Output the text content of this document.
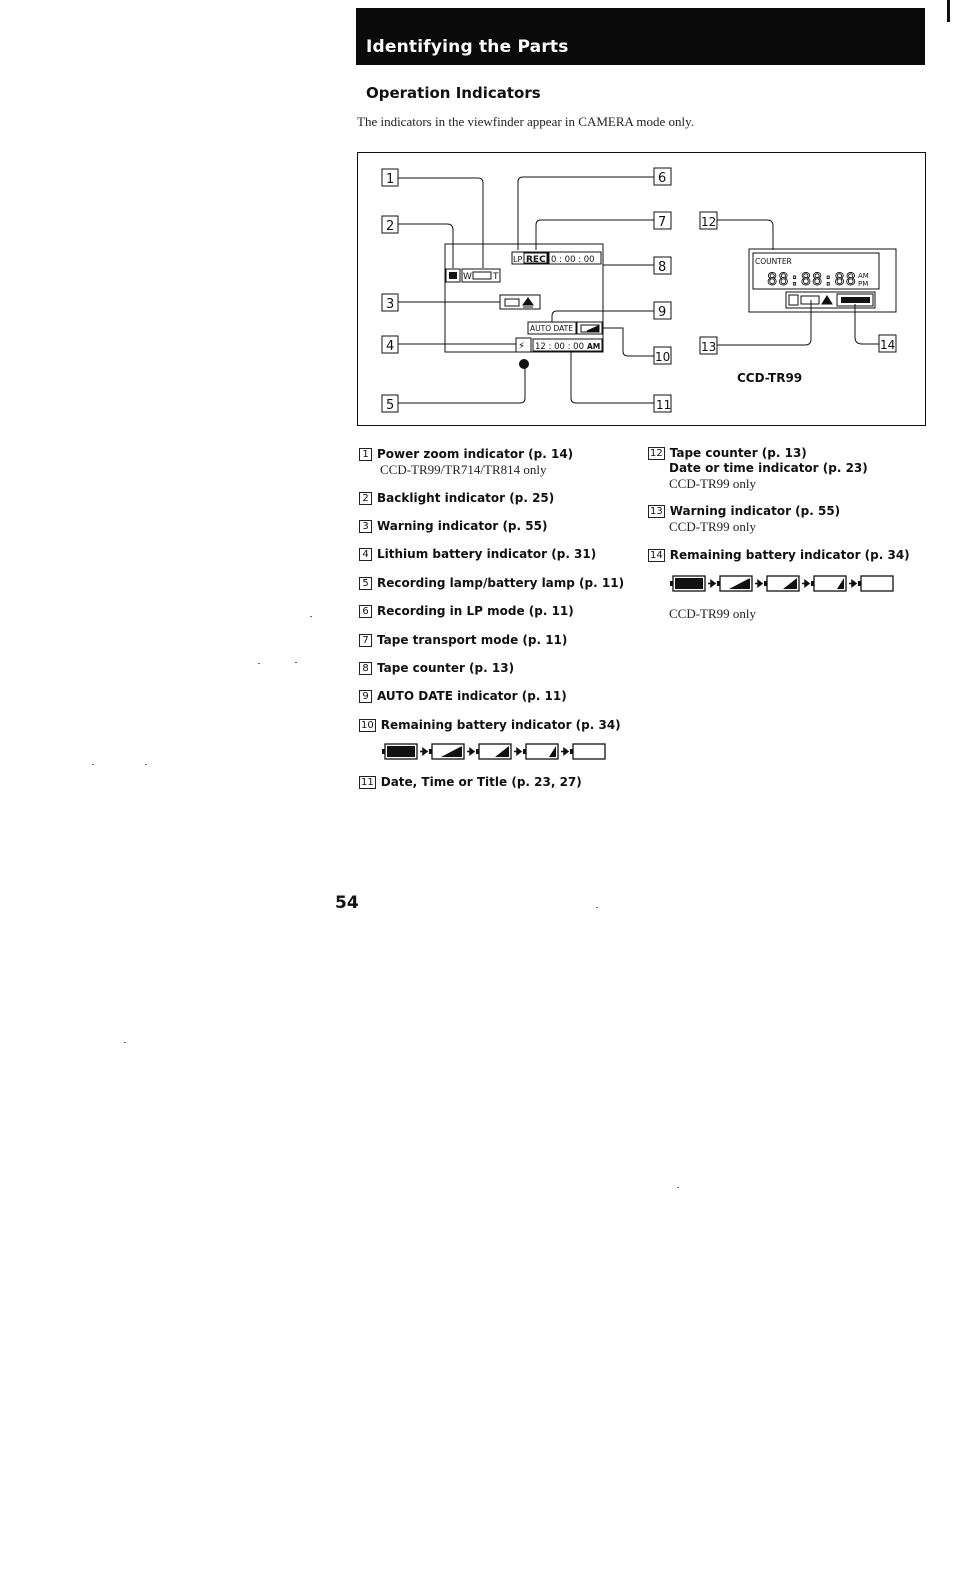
Identifying the Parts
Operation Indicators
The indicators in the viewfinder appear in CAMERA mode only.
1
2
3
4
5
6
7
8
9
10
11
12
13	14
LP REC 0 : 00 : 00
W T
AUTO DATE
⚡ 12 : 00 : 00 AM
COUNTER
88:88:88 AM
PM
CCD-TR99
1 Power zoom indicator (p. 14)
CCD-TR99/TR714/TR814 only
2 Backlight indicator (p. 25)
3 Warning indicator (p. 55)
4 Lithium battery indicator (p. 31)
5 Recording lamp/battery lamp (p. 11)
6 Recording in LP mode (p. 11)
7 Tape transport mode (p. 11)
8 Tape counter (p. 13)
9 AUTO DATE indicator (p. 11)
10 Remaining battery indicator (p. 34)
11 Date, Time or Title (p. 23, 27)
12 Tape counter (p. 13)
Date or time indicator (p. 23)
CCD-TR99 only
13 Warning indicator (p. 55)
CCD-TR99 only
14 Remaining battery indicator (p. 34)
CCD-TR99 only
54
